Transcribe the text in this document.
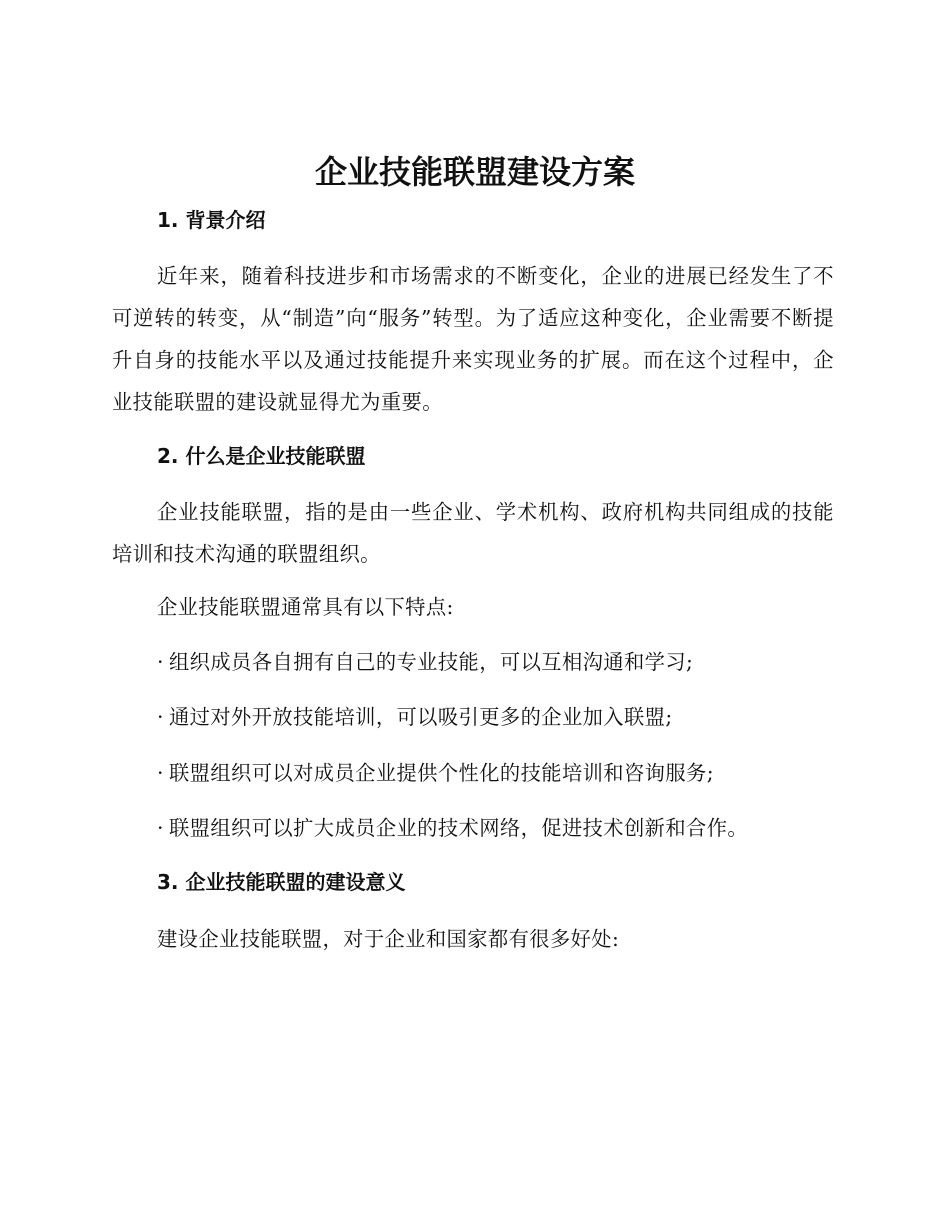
企业技能联盟建设方案
1. 背景介绍

近年来，随着科技进步和市场需求的不断变化，企业的进展已经发生了不可逆转的转变，从“制造”向“服务”转型。为了适应这种变化，企业需要不断提升自身的技能水平以及通过技能提升来实现业务的扩展。而在这个过程中，企业技能联盟的建设就显得尤为重要。

2. 什么是企业技能联盟

企业技能联盟，指的是由一些企业、学术机构、政府机构共同组成的技能培训和技术沟通的联盟组织。

企业技能联盟通常具有以下特点:

· 组织成员各自拥有自己的专业技能，可以互相沟通和学习;

· 通过对外开放技能培训，可以吸引更多的企业加入联盟;

· 联盟组织可以对成员企业提供个性化的技能培训和咨询服务;

· 联盟组织可以扩大成员企业的技术网络，促进技术创新和合作。

3. 企业技能联盟的建设意义

建设企业技能联盟，对于企业和国家都有很多好处:
